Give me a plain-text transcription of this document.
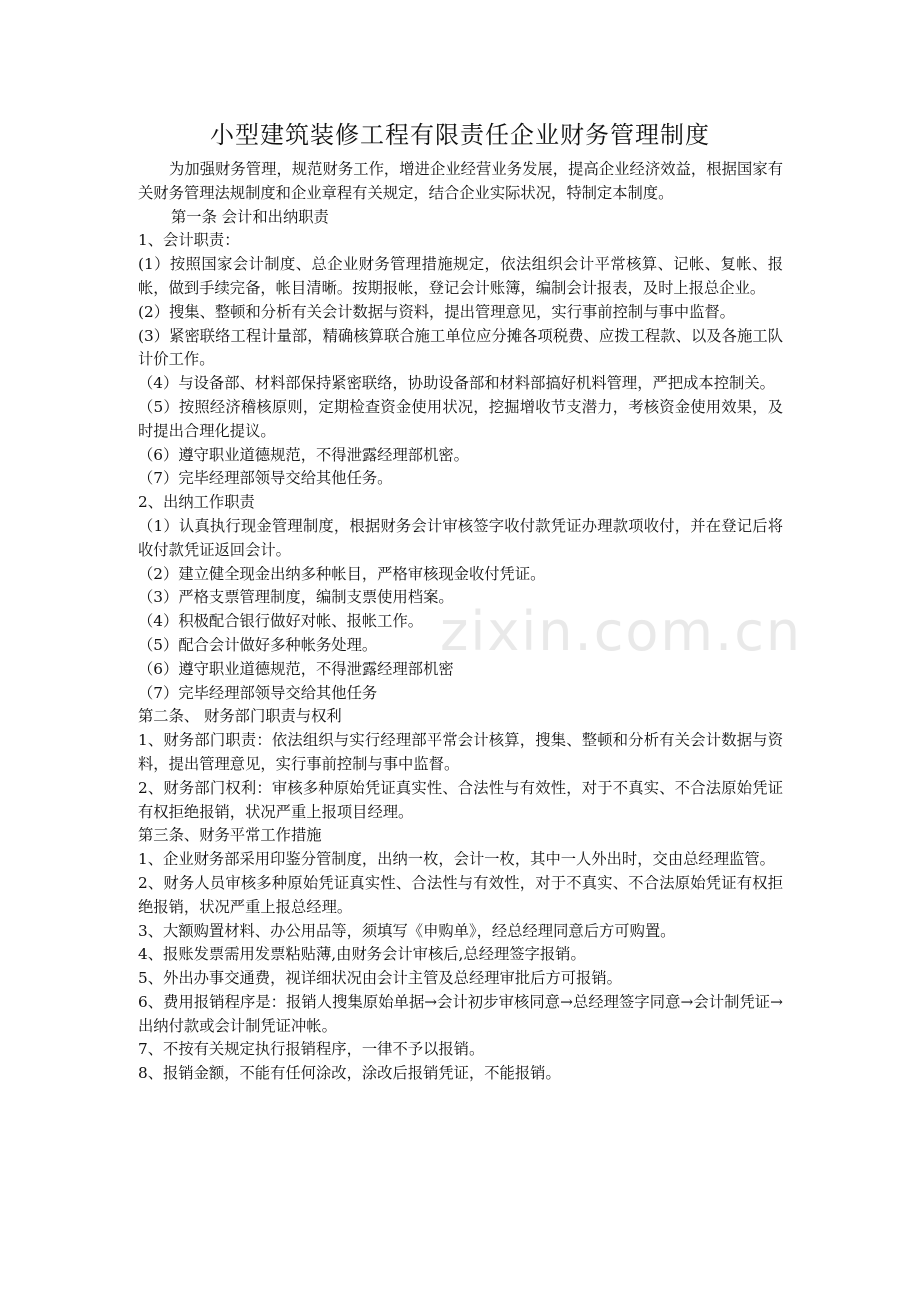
zixin.com.cn
小型建筑装修工程有限责任企业财务管理制度

为加强财务管理，规范财务工作，增进企业经营业务发展，提高企业经济效益，根据国家有关财务管理法规制度和企业章程有关规定，结合企业实际状况，特制定本制度。

第一条 会计和出纳职责

1、会计职责：

(1）按照国家会计制度、总企业财务管理措施规定，依法组织会计平常核算、记帐、复帐、报帐，做到手续完备，帐目清晰。按期报帐，登记会计账簿，编制会计报表，及时上报总企业。

(2）搜集、整顿和分析有关会计数据与资料，提出管理意见，实行事前控制与事中监督。

(3）紧密联络工程计量部，精确核算联合施工单位应分摊各项税费、应拨工程款、以及各施工队计价工作。

（4）与设备部、材料部保持紧密联络，协助设备部和材料部搞好机料管理，严把成本控制关。

（5）按照经济稽核原则，定期检查资金使用状况，挖掘增收节支潜力，考核资金使用效果，及时提出合理化提议。

（6）遵守职业道德规范，不得泄露经理部机密。

（7）完毕经理部领导交给其他任务。

2、出纳工作职责

（1）认真执行现金管理制度，根据财务会计审核签字收付款凭证办理款项收付，并在登记后将收付款凭证返回会计。

（2）建立健全现金出纳多种帐目，严格审核现金收付凭证。

（3）严格支票管理制度，编制支票使用档案。

（4）积极配合银行做好对帐、报帐工作。

（5）配合会计做好多种帐务处理。

（6）遵守职业道德规范，不得泄露经理部机密

（7）完毕经理部领导交给其他任务

第二条、 财务部门职责与权利

1、财务部门职责：依法组织与实行经理部平常会计核算，搜集、整顿和分析有关会计数据与资料，提出管理意见，实行事前控制与事中监督。

2、财务部门权利：审核多种原始凭证真实性、合法性与有效性，对于不真实、不合法原始凭证有权拒绝报销，状况严重上报项目经理。

第三条、财务平常工作措施

1、企业财务部采用印鉴分管制度，出纳一枚，会计一枚，其中一人外出时，交由总经理监管。

2、财务人员审核多种原始凭证真实性、合法性与有效性，对于不真实、不合法原始凭证有权拒绝报销，状况严重上报总经理。

3、大额购置材料、办公用品等，须填写《申购单》，经总经理同意后方可购置。

4、报账发票需用发票粘贴薄,由财务会计审核后,总经理签字报销。

5、外出办事交通费，视详细状况由会计主管及总经理审批后方可报销。

6、费用报销程序是：报销人搜集原始单据→会计初步审核同意→总经理签字同意→会计制凭证→出纳付款或会计制凭证冲帐。

7、不按有关规定执行报销程序，一律不予以报销。

8、报销金额，不能有任何涂改，涂改后报销凭证，不能报销。
